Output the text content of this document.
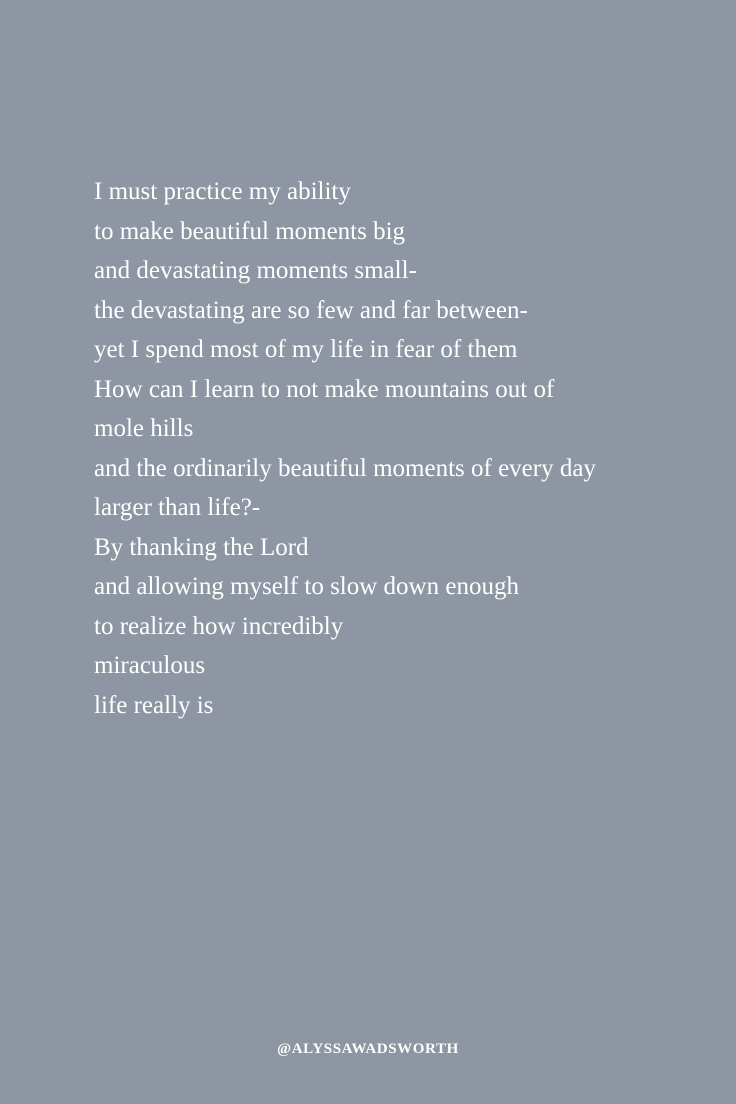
I must practice my ability
to make beautiful moments big
and devastating moments small-
the devastating are so few and far between-
yet I spend most of my life in fear of them
How can I learn to not make mountains out of
mole hills
and the ordinarily beautiful moments of every day
larger than life?-
By thanking the Lord
and allowing myself to slow down enough
to realize how incredibly
miraculous
life really is
@ALYSSAWADSWORTH
